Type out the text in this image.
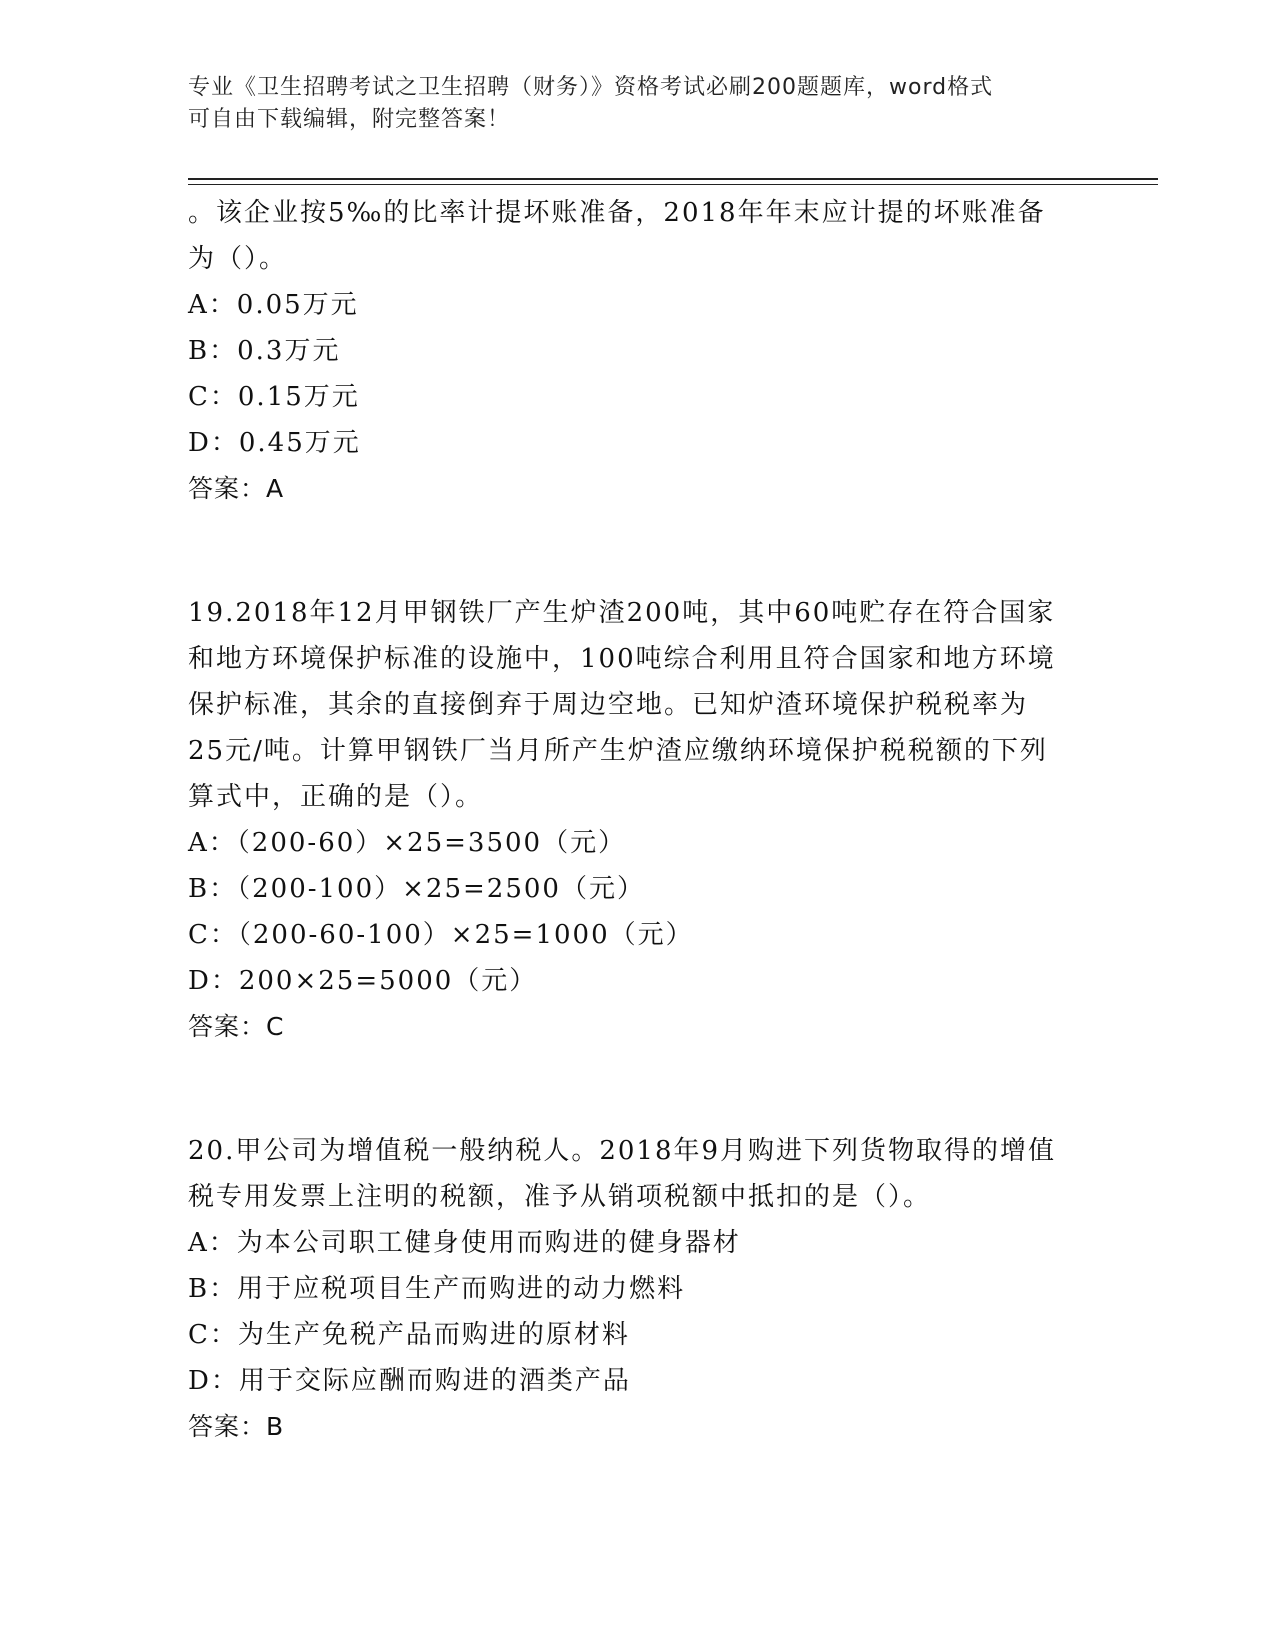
专业《卫生招聘考试之卫生招聘（财务）》资格考试必刷200题题库，word格式
可自由下载编辑，附完整答案！

。该企业按5‰的比率计提坏账准备，2018年年末应计提的坏账准备

为（）。

A：0.05万元

B：0.3万元

C：0.15万元

D：0.45万元

答案：A

19.2018年12月甲钢铁厂产生炉渣200吨，其中60吨贮存在符合国家

和地方环境保护标准的设施中，100吨综合利用且符合国家和地方环境

保护标准，其余的直接倒弃于周边空地。已知炉渣环境保护税税率为

25元/吨。计算甲钢铁厂当月所产生炉渣应缴纳环境保护税税额的下列

算式中，正确的是（）。

A：（200-60）×25=3500（元）

B：（200-100）×25=2500（元）

C：（200-60-100）×25=1000（元）

D：200×25=5000（元）

答案：C

20.甲公司为增值税一般纳税人。2018年9月购进下列货物取得的增值

税专用发票上注明的税额，准予从销项税额中抵扣的是（）。

A：为本公司职工健身使用而购进的健身器材

B：用于应税项目生产而购进的动力燃料

C：为生产免税产品而购进的原材料

D：用于交际应酬而购进的酒类产品

答案：B
